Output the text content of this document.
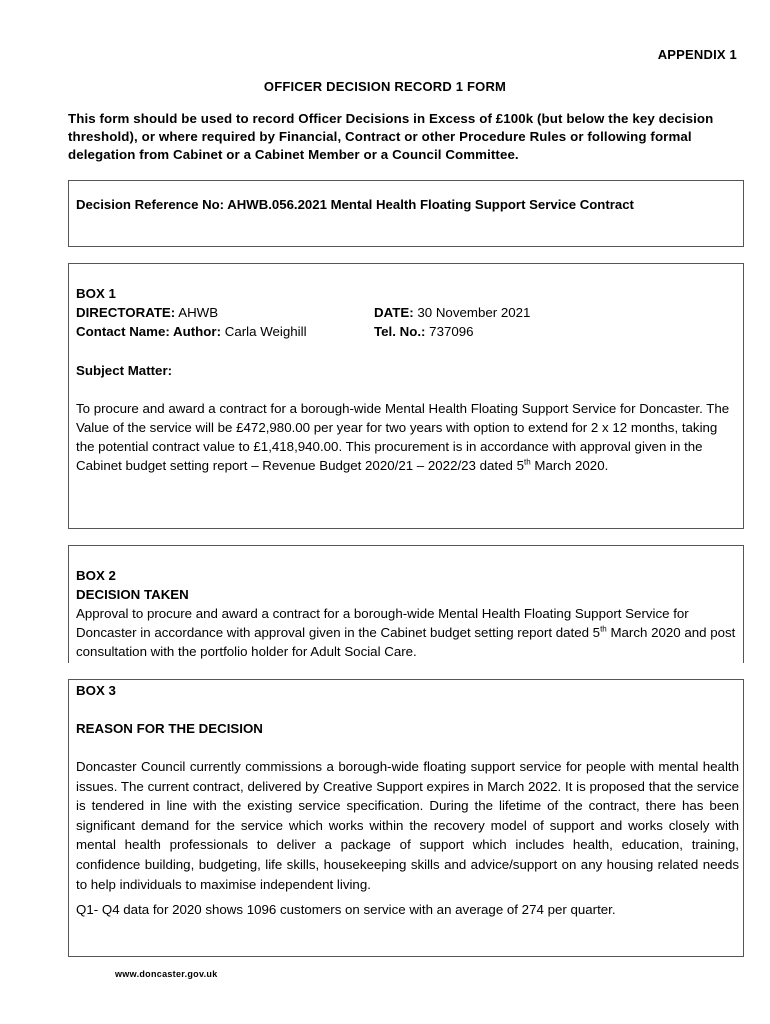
APPENDIX 1
OFFICER DECISION RECORD 1 FORM
This form should be used to record Officer Decisions in Excess of £100k (but below the key decision threshold), or where required by Financial, Contract or other Procedure Rules or following formal delegation from Cabinet or a Cabinet Member or a Council Committee.
Decision Reference No: AHWB.056.2021 Mental Health Floating Support Service Contract
BOX 1
DIRECTORATE: AHWB	DATE: 30 November 2021
Contact Name: Author: Carla Weighill	Tel. No.: 737096
Subject Matter:

To procure and award a contract for a borough-wide Mental Health Floating Support Service for Doncaster. The Value of the service will be £472,980.00 per year for two years with option to extend for 2 x 12 months, taking the potential contract value to £1,418,940.00. This procurement is in accordance with approval given in the Cabinet budget setting report – Revenue Budget 2020/21 – 2022/23 dated 5th March 2020.

BOX 2
DECISION TAKEN

Approval to procure and award a contract for a borough-wide Mental Health Floating Support Service for Doncaster in accordance with approval given in the Cabinet budget setting report dated 5th March 2020 and post consultation with the portfolio holder for Adult Social Care.

BOX 3
REASON FOR THE DECISION

Doncaster Council currently commissions a borough-wide floating support service for people with mental health issues. The current contract, delivered by Creative Support expires in March 2022. It is proposed that the service is tendered in line with the existing service specification. During the lifetime of the contract, there has been significant demand for the service which works within the recovery model of support and works closely with mental health professionals to deliver a package of support which includes health, education, training, confidence building, budgeting, life skills, housekeeping skills and advice/support on any housing related needs to help individuals to maximise independent living.

Q1- Q4 data for 2020 shows 1096 customers on service with an average of 274 per quarter.

www.doncaster.gov.uk
